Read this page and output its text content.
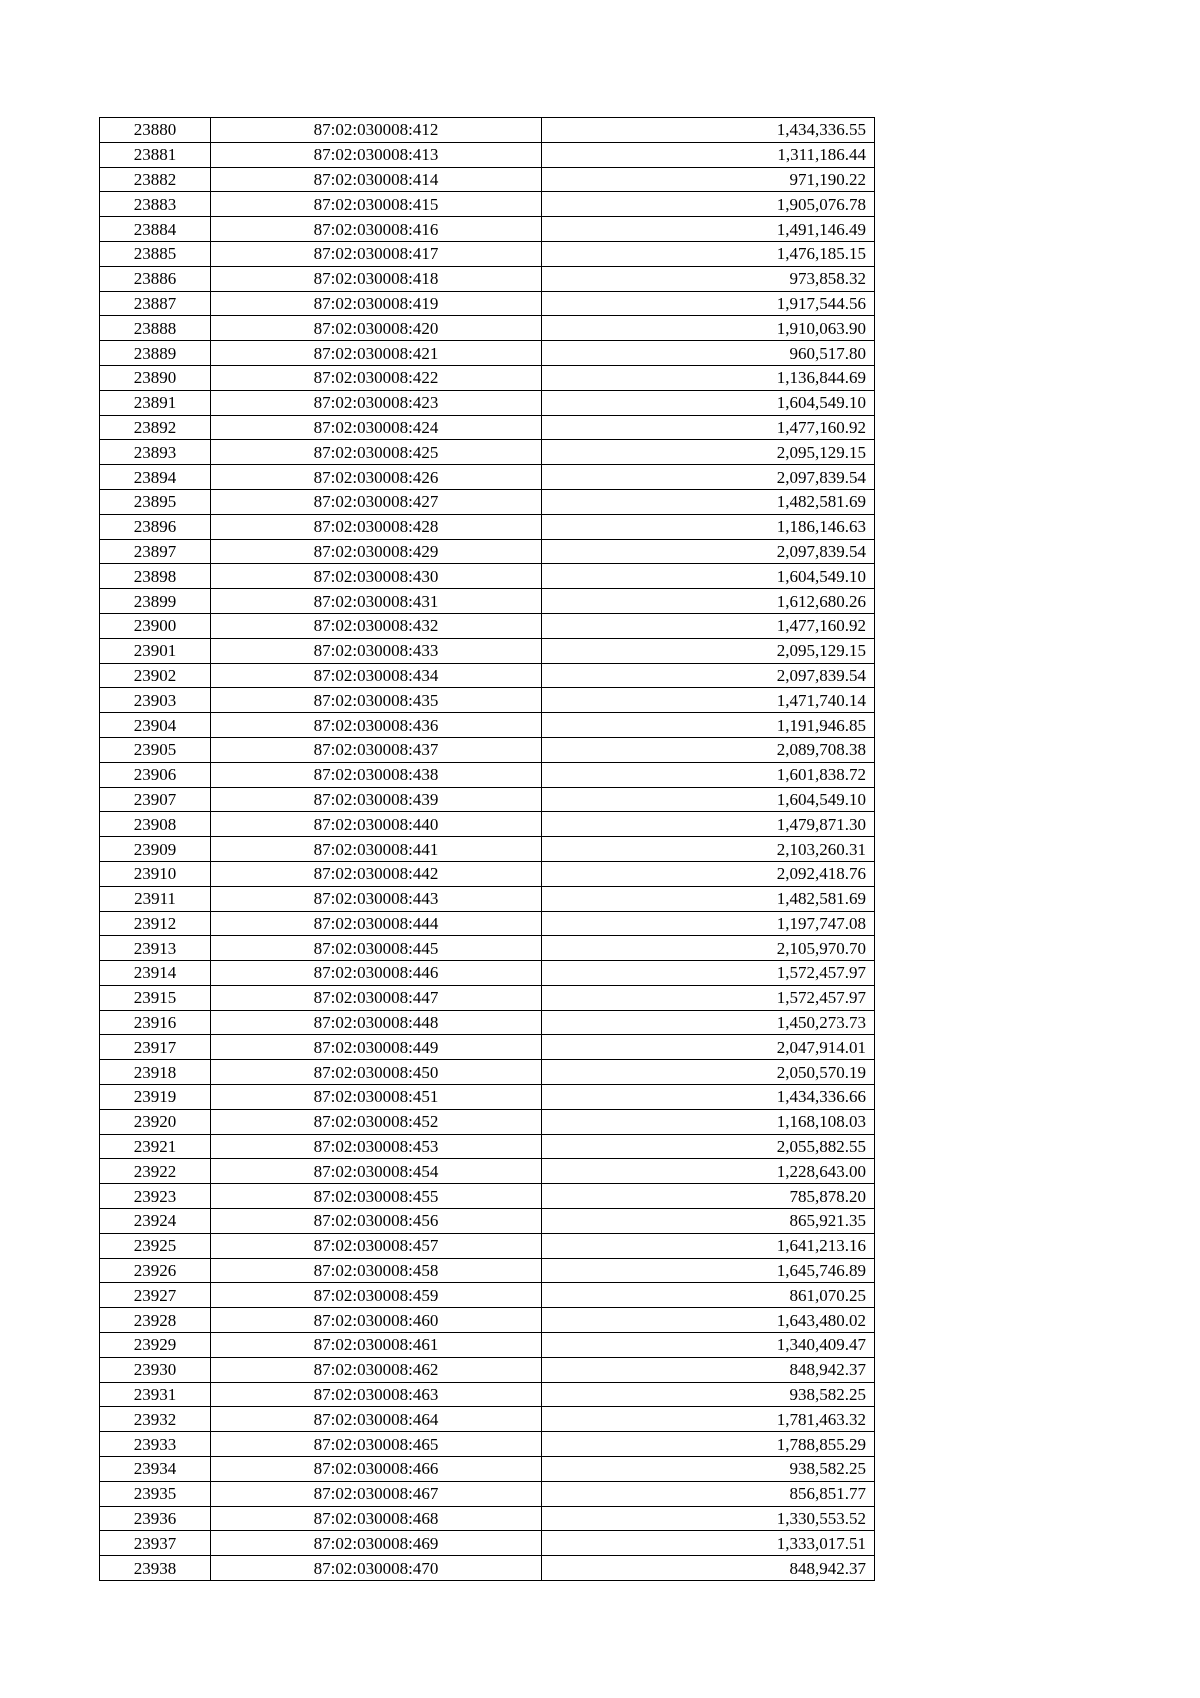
23880	87:02:030008:412	1,434,336.55
23881	87:02:030008:413	1,311,186.44
23882	87:02:030008:414	971,190.22
23883	87:02:030008:415	1,905,076.78
23884	87:02:030008:416	1,491,146.49
23885	87:02:030008:417	1,476,185.15
23886	87:02:030008:418	973,858.32
23887	87:02:030008:419	1,917,544.56
23888	87:02:030008:420	1,910,063.90
23889	87:02:030008:421	960,517.80
23890	87:02:030008:422	1,136,844.69
23891	87:02:030008:423	1,604,549.10
23892	87:02:030008:424	1,477,160.92
23893	87:02:030008:425	2,095,129.15
23894	87:02:030008:426	2,097,839.54
23895	87:02:030008:427	1,482,581.69
23896	87:02:030008:428	1,186,146.63
23897	87:02:030008:429	2,097,839.54
23898	87:02:030008:430	1,604,549.10
23899	87:02:030008:431	1,612,680.26
23900	87:02:030008:432	1,477,160.92
23901	87:02:030008:433	2,095,129.15
23902	87:02:030008:434	2,097,839.54
23903	87:02:030008:435	1,471,740.14
23904	87:02:030008:436	1,191,946.85
23905	87:02:030008:437	2,089,708.38
23906	87:02:030008:438	1,601,838.72
23907	87:02:030008:439	1,604,549.10
23908	87:02:030008:440	1,479,871.30
23909	87:02:030008:441	2,103,260.31
23910	87:02:030008:442	2,092,418.76
23911	87:02:030008:443	1,482,581.69
23912	87:02:030008:444	1,197,747.08
23913	87:02:030008:445	2,105,970.70
23914	87:02:030008:446	1,572,457.97
23915	87:02:030008:447	1,572,457.97
23916	87:02:030008:448	1,450,273.73
23917	87:02:030008:449	2,047,914.01
23918	87:02:030008:450	2,050,570.19
23919	87:02:030008:451	1,434,336.66
23920	87:02:030008:452	1,168,108.03
23921	87:02:030008:453	2,055,882.55
23922	87:02:030008:454	1,228,643.00
23923	87:02:030008:455	785,878.20
23924	87:02:030008:456	865,921.35
23925	87:02:030008:457	1,641,213.16
23926	87:02:030008:458	1,645,746.89
23927	87:02:030008:459	861,070.25
23928	87:02:030008:460	1,643,480.02
23929	87:02:030008:461	1,340,409.47
23930	87:02:030008:462	848,942.37
23931	87:02:030008:463	938,582.25
23932	87:02:030008:464	1,781,463.32
23933	87:02:030008:465	1,788,855.29
23934	87:02:030008:466	938,582.25
23935	87:02:030008:467	856,851.77
23936	87:02:030008:468	1,330,553.52
23937	87:02:030008:469	1,333,017.51
23938	87:02:030008:470	848,942.37
